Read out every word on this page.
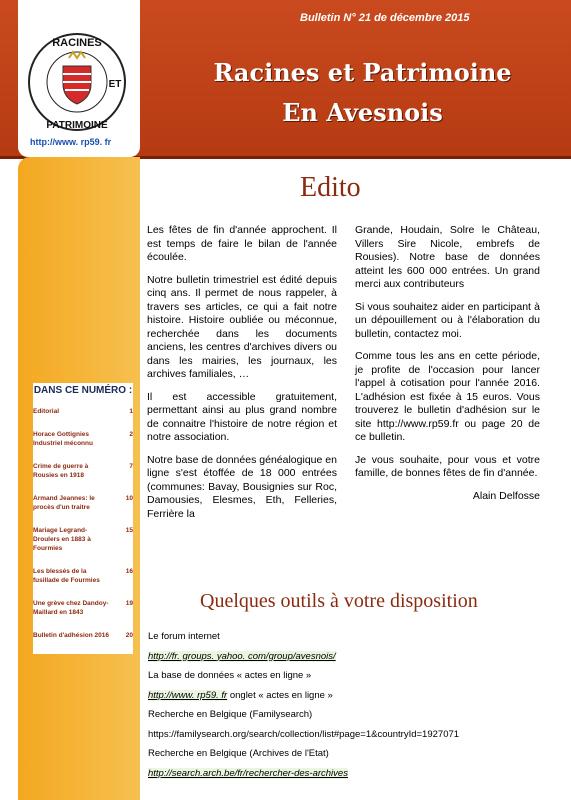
RACINES
PATRIMOINE
ET
http://www. rp59. fr
DANS CE NUMÉRO :
Editorial	1
Horace Gottignies Industriel méconnu
2
Crime de guerre à Rousies en 1918
7
Armand Jeannes: le procès d'un traitre
10
Mariage Legrand-Droulers en 1883 à Fourmies
15
Les blessés de la fusillade de Fourmies
16
Une grève chez Dandoy-Maillard en 1843
19
Bulletin d'adhésion 2016	20
Bulletin N° 21 de décembre 2015
Racines et Patrimoine
En Avesnois
Edito

Les fêtes de fin d'année approchent. Il est temps de faire le bilan de l'année écoulée.

Notre bulletin trimestriel est édité depuis cinq ans. Il permet de nous rappeler, à travers ses articles, ce qui a fait notre histoire. Histoire oubliée ou méconnue, recherchée dans les documents anciens, les centres d'archives divers ou dans les mairies, les journaux, les archives familiales, …

Il est accessible gratuitement, permettant ainsi au plus grand nombre de connaitre l'histoire de notre région et notre association.

Notre base de données généalogique en ligne s'est étoffée de 18 000 entrées (communes: Bavay, Bousignies sur Roc, Damousies, Elesmes, Eth, Felleries, Ferrière la

Grande, Houdain, Solre le Château, Villers Sire Nicole, embrefs de Rousies). Notre base de données atteint les 600 000 entrées. Un grand merci aux contributeurs

Si vous souhaitez aider en participant à un dépouillement ou à l'élaboration du bulletin, contactez moi.

Comme tous les ans en cette période, je profite de l'occasion pour lancer l'appel à cotisation pour l'année 2016. L'adhésion est fixée à 15 euros. Vous trouverez le bulletin d'adhésion sur le site http://www.rp59.fr ou page 20 de ce bulletin.

Je vous souhaite, pour vous et votre famille, de bonnes fêtes de fin d'année.

Alain Delfosse

Quelques outils à votre disposition
Le forum internet
http://fr. groups. yahoo. com/group/avesnois/
La base de données « actes en ligne »
http://www. rp59. fr onglet « actes en ligne »
Recherche en Belgique (Familysearch)
https://familysearch.org/search/collection/list#page=1&countryId=1927071
Recherche en Belgique (Archives de l'Etat)
http://search.arch.be/fr/rechercher-des-archives
